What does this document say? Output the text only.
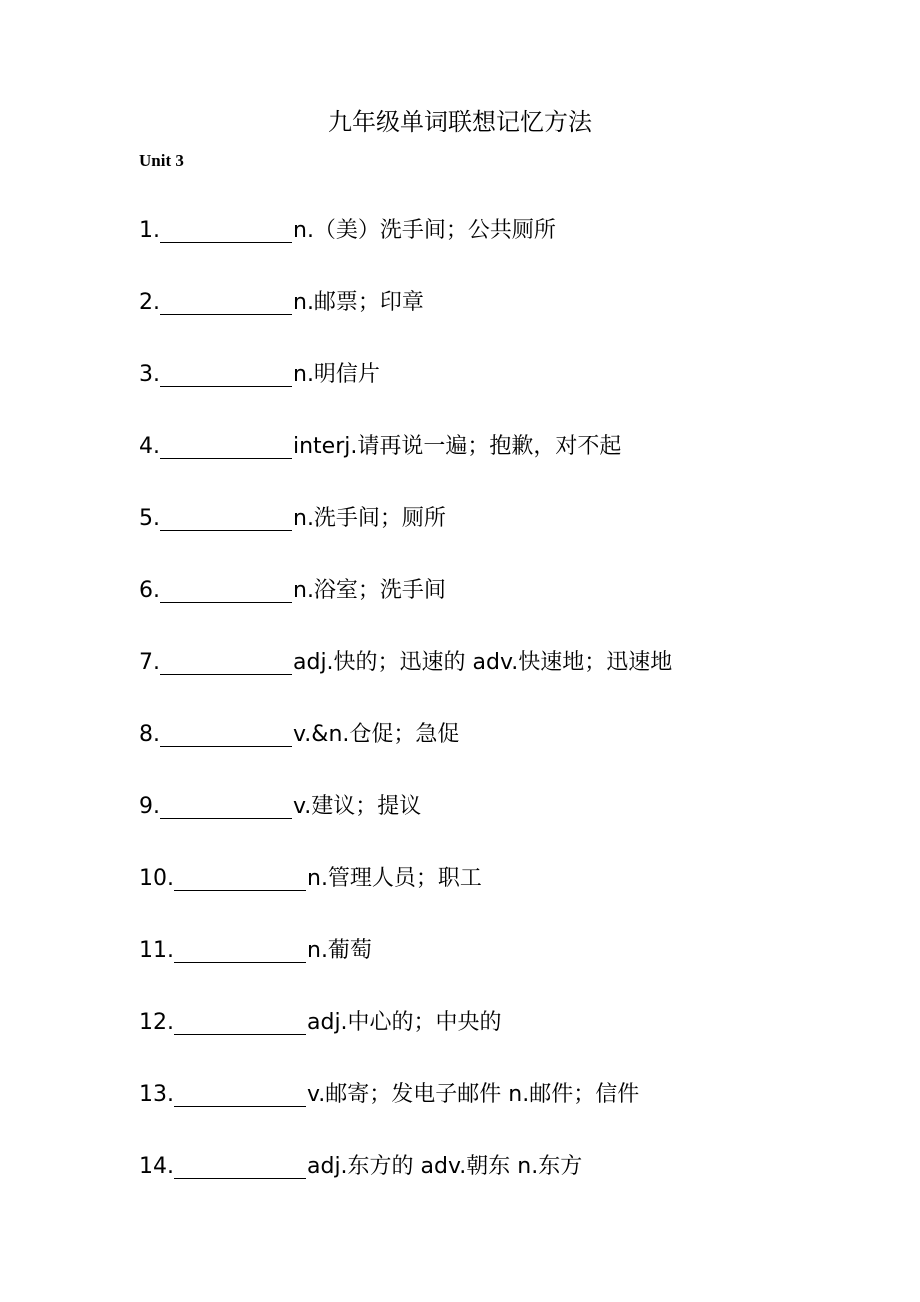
九年级单词联想记忆方法
Unit 3
1.	n.（美）洗手间；公共厕所
2.	n.邮票；印章
3.	n.明信片
4.	interj.请再说一遍；抱歉，对不起
5.	n.洗手间；厕所
6.	n.浴室；洗手间
7.	adj.快的；迅速的 adv.快速地；迅速地
8.	v.&n.仓促；急促
9.	v.建议；提议
10.	n.管理人员；职工
11.	n.葡萄
12.	adj.中心的；中央的
13.	v.邮寄；发电子邮件 n.邮件；信件
14.	adj.东方的 adv.朝东 n.东方
